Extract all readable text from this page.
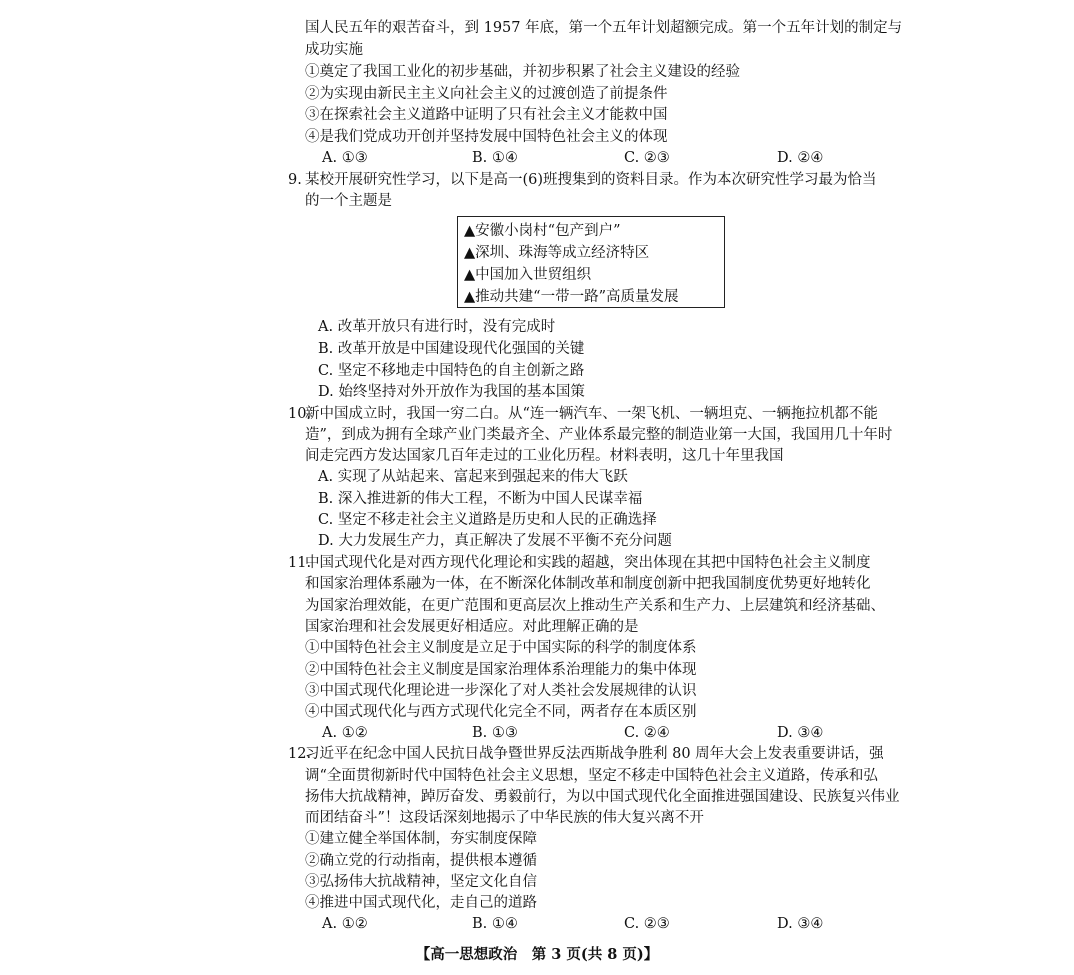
国人民五年的艰苦奋斗，到 1957 年底，第一个五年计划超额完成。第一个五年计划的制定与
成功实施
①奠定了我国工业化的初步基础，并初步积累了社会主义建设的经验
②为实现由新民主主义向社会主义的过渡创造了前提条件
③在探索社会主义道路中证明了只有社会主义才能救中国
④是我们党成功开创并坚持发展中国特色社会主义的体现
A. ①③	B. ①④	C. ②③	D. ②④
9. 某校开展研究性学习，以下是高一(6)班搜集到的资料目录。作为本次研究性学习最为恰当
的一个主题是
▲安徽小岗村“包产到户”
▲深圳、珠海等成立经济特区
▲中国加入世贸组织
▲推动共建“一带一路”高质量发展
A. 改革开放只有进行时，没有完成时
B. 改革开放是中国建设现代化强国的关键
C. 坚定不移地走中国特色的自主创新之路
D. 始终坚持对外开放作为我国的基本国策
10.
新中国成立时，我国一穷二白。从“连一辆汽车、一架飞机、一辆坦克、一辆拖拉机都不能
造”，到成为拥有全球产业门类最齐全、产业体系最完整的制造业第一大国，我国用几十年时
间走完西方发达国家几百年走过的工业化历程。材料表明，这几十年里我国
A. 实现了从站起来、富起来到强起来的伟大飞跃
B. 深入推进新的伟大工程，不断为中国人民谋幸福
C. 坚定不移走社会主义道路是历史和人民的正确选择
D. 大力发展生产力，真正解决了发展不平衡不充分问题
11.
中国式现代化是对西方现代化理论和实践的超越，突出体现在其把中国特色社会主义制度
和国家治理体系融为一体，在不断深化体制改革和制度创新中把我国制度优势更好地转化
为国家治理效能，在更广范围和更高层次上推动生产关系和生产力、上层建筑和经济基础、
国家治理和社会发展更好相适应。对此理解正确的是
①中国特色社会主义制度是立足于中国实际的科学的制度体系
②中国特色社会主义制度是国家治理体系治理能力的集中体现
③中国式现代化理论进一步深化了对人类社会发展规律的认识
④中国式现代化与西方式现代化完全不同，两者存在本质区别
A. ①②	B. ①③	C. ②④	D. ③④
12.
习近平在纪念中国人民抗日战争暨世界反法西斯战争胜利 80 周年大会上发表重要讲话，强
调“全面贯彻新时代中国特色社会主义思想，坚定不移走中国特色社会主义道路，传承和弘
扬伟大抗战精神，踔厉奋发、勇毅前行，为以中国式现代化全面推进强国建设、民族复兴伟业
而团结奋斗”！这段话深刻地揭示了中华民族的伟大复兴离不开
①建立健全举国体制，夯实制度保障
②确立党的行动指南，提供根本遵循
③弘扬伟大抗战精神，坚定文化自信
④推进中国式现代化，走自己的道路
A. ①②	B. ①④	C. ②③	D. ③④
【高一思想政治　第 3 页(共 8 页)】
